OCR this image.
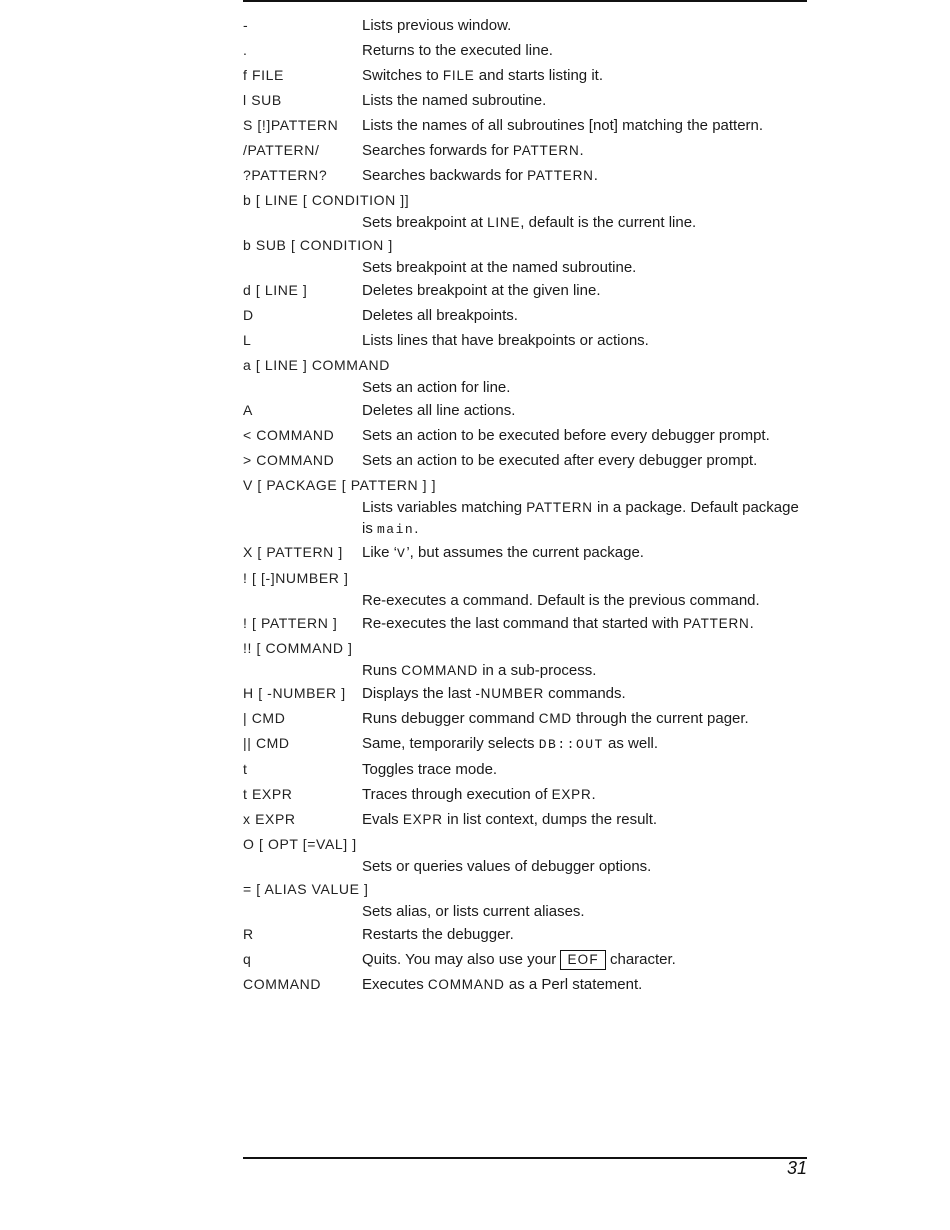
-	Lists previous window.
.	Returns to the executed line.
f FILE	Switches to FILE and starts listing it.
l SUB	Lists the named subroutine.
S [!]PATTERN	Lists the names of all subroutines [not] matching the pattern.
/PATTERN/	Searches forwards for PATTERN.
?PATTERN?	Searches backwards for PATTERN.
b [ LINE [ CONDITION ]]
Sets breakpoint at LINE, default is the current line.
b SUB [ CONDITION ]
Sets breakpoint at the named subroutine.
d [ LINE ]	Deletes breakpoint at the given line.
D	Deletes all breakpoints.
L	Lists lines that have breakpoints or actions.
a [ LINE ] COMMAND
Sets an action for line.
A	Deletes all line actions.
< COMMAND	Sets an action to be executed before every debugger prompt.
> COMMAND	Sets an action to be executed after every debugger prompt.
V [ PACKAGE [ PATTERN ] ]
Lists variables matching PATTERN in a package. Default package is main.
X [ PATTERN ]	Like ‘V’, but assumes the current package.
! [ [-]NUMBER ]
Re-executes a command. Default is the previous command.
! [ PATTERN ]	Re-executes the last command that started with PATTERN.
!! [ COMMAND ]
Runs COMMAND in a sub-process.
H [ -NUMBER ]	Displays the last -NUMBER commands.
| CMD	Runs debugger command CMD through the current pager.
|| CMD	Same, temporarily selects DB::OUT as well.
t	Toggles trace mode.
t EXPR	Traces through execution of EXPR.
x EXPR	Evals EXPR in list context, dumps the result.
O [ OPT [=VAL] ]
Sets or queries values of debugger options.
= [ ALIAS VALUE ]
Sets alias, or lists current aliases.
R	Restarts the debugger.
q	Quits. You may also use your EOF character.
COMMAND	Executes COMMAND as a Perl statement.
31
